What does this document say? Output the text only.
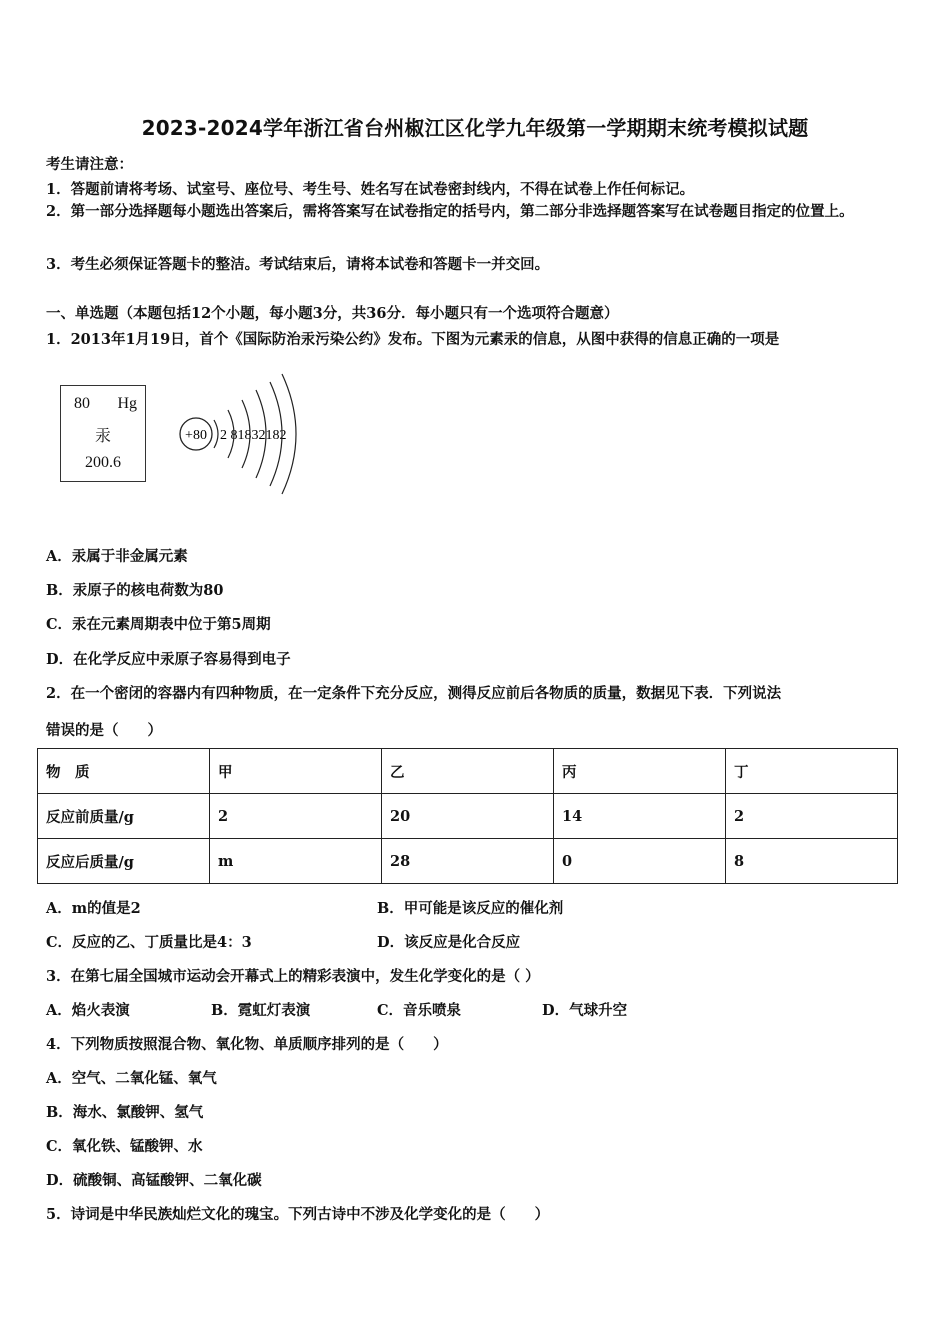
2023-2024学年浙江省台州椒江区化学九年级第一学期期末统考模拟试题
考生请注意：
1．答题前请将考场、试室号、座位号、考生号、姓名写在试卷密封线内，不得在试卷上作任何标记。
2．第一部分选择题每小题选出答案后，需将答案写在试卷指定的括号内，第二部分非选择题答案写在试卷题目指定的位置上。
3．考生必须保证答题卡的整洁。考试结束后，请将本试卷和答题卡一并交回。
一、单选题（本题包括12个小题，每小题3分，共36分．每小题只有一个选项符合题意）
1．2013年1月19日，首个《国际防治汞污染公约》发布。下图为元素汞的信息，从图中获得的信息正确的一项是
80 Hg
汞
200.6
+80 2 81832182
A．汞属于非金属元素
B．汞原子的核电荷数为80
C．汞在元素周期表中位于第5周期
D．在化学反应中汞原子容易得到电子
2．在一个密闭的容器内有四种物质，在一定条件下充分反应，测得反应前后各物质的质量，数据见下表．下列说法
错误的是（　　）
物　质	甲	乙	丙	丁
反应前质量/g	2	20	14	2
反应后质量/g	m	28	0	8
A．m的值是2	B．甲可能是该反应的催化剂
C．反应的乙、丁质量比是4：3	D．该反应是化合反应
3．在第七届全国城市运动会开幕式上的精彩表演中，发生化学变化的是（ ）
A．焰火表演	B．霓虹灯表演	C．音乐喷泉	D．气球升空
4．下列物质按照混合物、氧化物、单质顺序排列的是（　　）
A．空气、二氧化锰、氧气
B．海水、氯酸钾、氢气
C．氧化铁、锰酸钾、水
D．硫酸铜、高锰酸钾、二氧化碳
5．诗词是中华民族灿烂文化的瑰宝。下列古诗中不涉及化学变化的是（　　）
